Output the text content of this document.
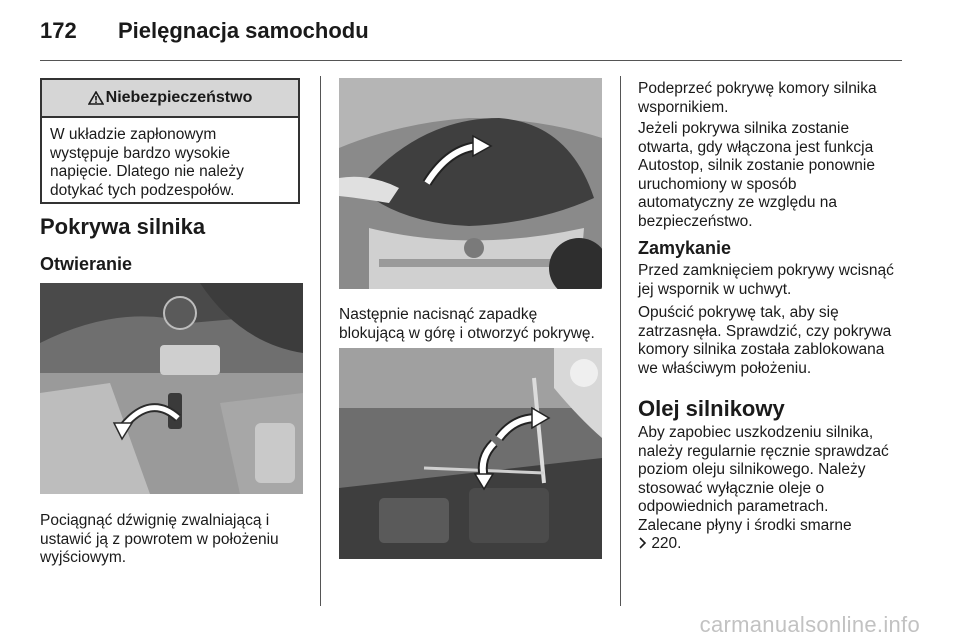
172 Pielęgnacja samochodu
Niebezpieczeństwo
W układzie zapłonowym
występuje bardzo wysokie
napięcie. Dlatego nie należy
dotykać tych podzespołów.
Pokrywa silnika
Otwieranie
Pociągnąć dźwignię zwalniającą i
ustawić ją z powrotem w położeniu
wyjściowym.
Następnie nacisnąć zapadkę
blokującą w górę i otworzyć pokrywę.
Podeprzeć pokrywę komory silnika
wspornikiem.
Jeżeli pokrywa silnika zostanie
otwarta, gdy włączona jest funkcja
Autostop, silnik zostanie ponownie
uruchomiony w sposób
automatyczny ze względu na
bezpieczeństwo.
Zamykanie
Przed zamknięciem pokrywy wcisnąć
jej wspornik w uchwyt.
Opuścić pokrywę tak, aby się
zatrzasnęła. Sprawdzić, czy pokrywa
komory silnika została zablokowana
we właściwym położeniu.
Olej silnikowy
Aby zapobiec uszkodzeniu silnika,
należy regularnie ręcznie sprawdzać
poziom oleju silnikowego. Należy
stosować wyłącznie oleje o
odpowiednich parametrach.
Zalecane płyny i środki smarne
220.
carmanualsonline.info
